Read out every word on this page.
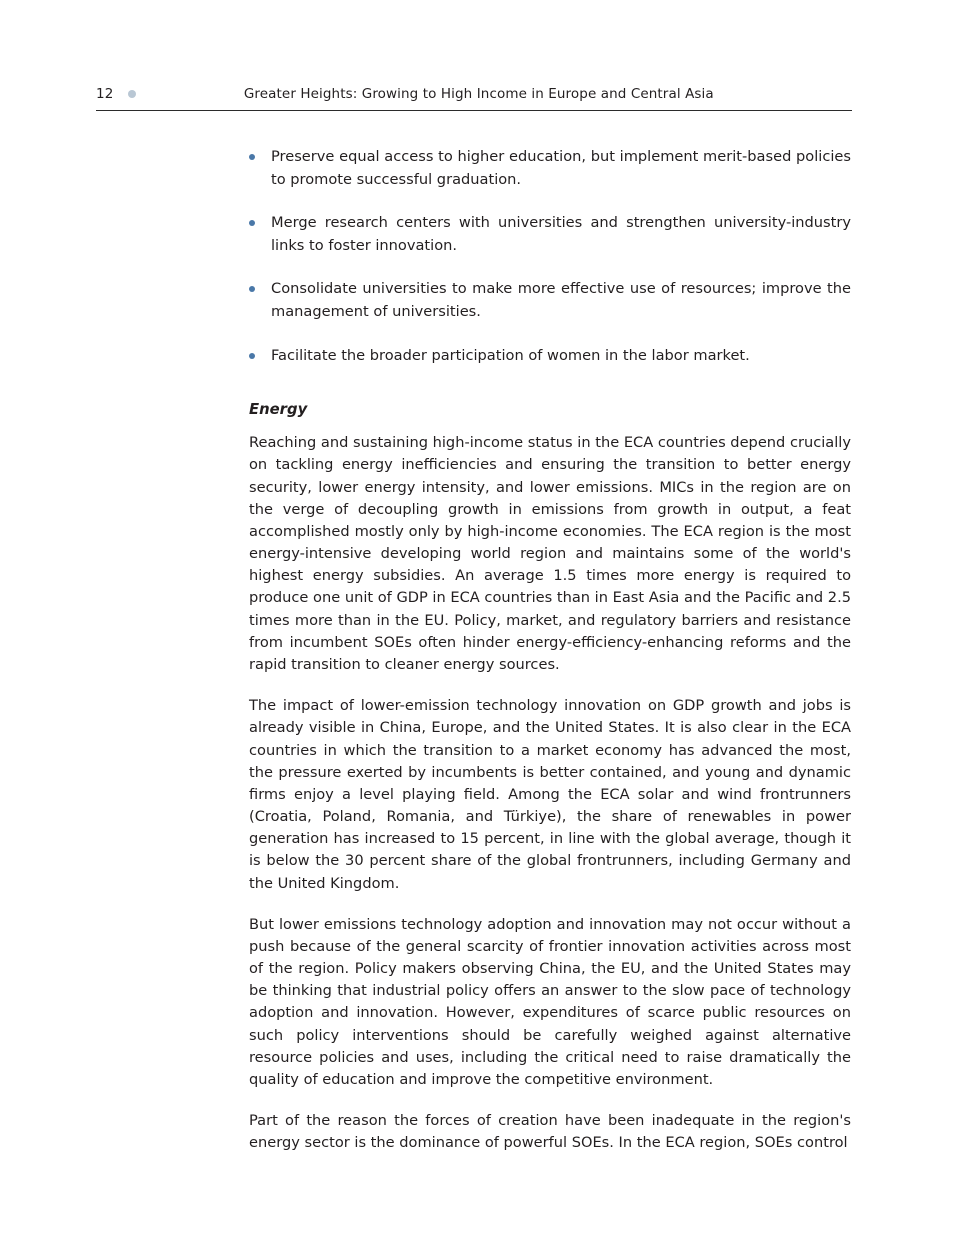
12	Greater Heights: Growing to High Income in Europe and Central Asia
Preserve equal access to higher education, but implement merit-based policies to promote successful graduation.
Merge research centers with universities and strengthen university-industry links to foster innovation.
Consolidate universities to make more effective use of resources; improve the management of universities.
Facilitate the broader participation of women in the labor market.
Energy

Reaching and sustaining high-income status in the ECA countries depend crucially on tackling energy inefficiencies and ensuring the transition to better energy security, lower energy intensity, and lower emissions. MICs in the region are on the verge of decoupling growth in emissions from growth in output, a feat accomplished mostly only by high-income economies. The ECA region is the most energy-intensive developing world region and maintains some of the world's highest energy subsidies. An average 1.5 times more energy is required to produce one unit of GDP in ECA countries than in East Asia and the Pacific and 2.5 times more than in the EU. Policy, market, and regulatory barriers and resistance from incumbent SOEs often hinder energy-efficiency-enhancing reforms and the rapid transition to cleaner energy sources.

The impact of lower-emission technology innovation on GDP growth and jobs is already visible in China, Europe, and the United States. It is also clear in the ECA countries in which the transition to a market economy has advanced the most, the pressure exerted by incumbents is better contained, and young and dynamic firms enjoy a level playing field. Among the ECA solar and wind frontrunners (Croatia, Poland, Romania, and Türkiye), the share of renewables in power generation has increased to 15 percent, in line with the global average, though it is below the 30 percent share of the global frontrunners, including Germany and the United Kingdom.

But lower emissions technology adoption and innovation may not occur without a push because of the general scarcity of frontier innovation activities across most of the region. Policy makers observing China, the EU, and the United States may be thinking that industrial policy offers an answer to the slow pace of technology adoption and innovation. However, expenditures of scarce public resources on such policy interventions should be carefully weighed against alternative resource policies and uses, including the critical need to raise dramatically the quality of education and improve the competitive environment.

Part of the reason the forces of creation have been inadequate in the region's energy sector is the dominance of powerful SOEs. In the ECA region, SOEs control
